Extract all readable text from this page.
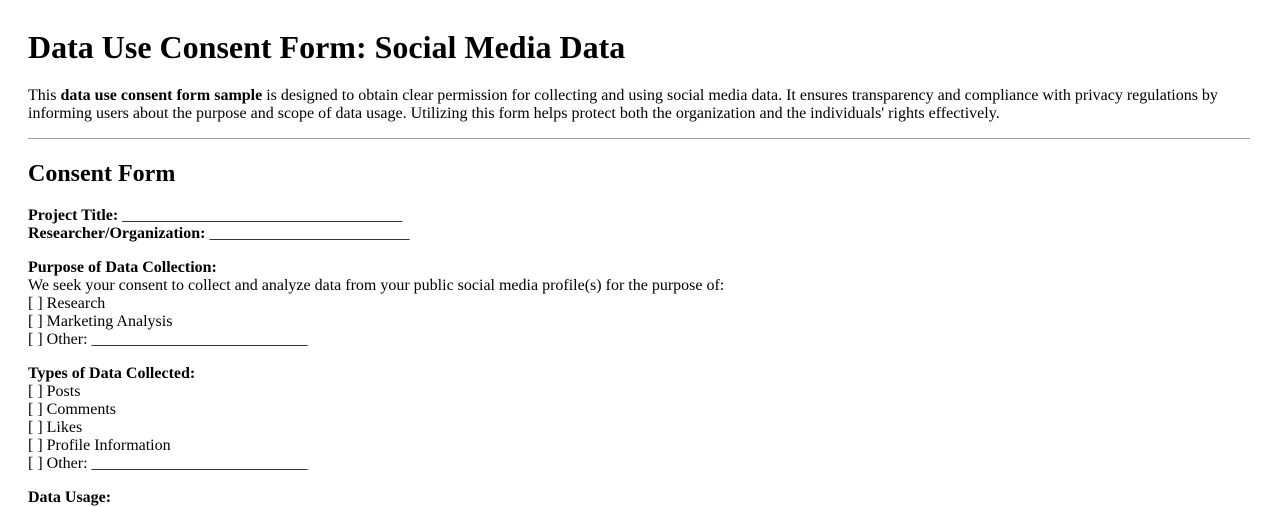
Data Use Consent Form: Social Media Data

This data use consent form sample is designed to obtain clear permission for collecting and using social media data. It ensures transparency and compliance with privacy regulations by informing users about the purpose and scope of data usage. Utilizing this form helps protect both the organization and the individuals' rights effectively.

Consent Form
Project Title: ___________________________________
Researcher/Organization: _________________________
Purpose of Data Collection:
We seek your consent to collect and analyze data from your public social media profile(s) for the purpose of:
[ ] Research
[ ] Marketing Analysis
[ ] Other: ___________________________
Types of Data Collected:
[ ] Posts
[ ] Comments
[ ] Likes
[ ] Profile Information
[ ] Other: ___________________________
Data Usage:
